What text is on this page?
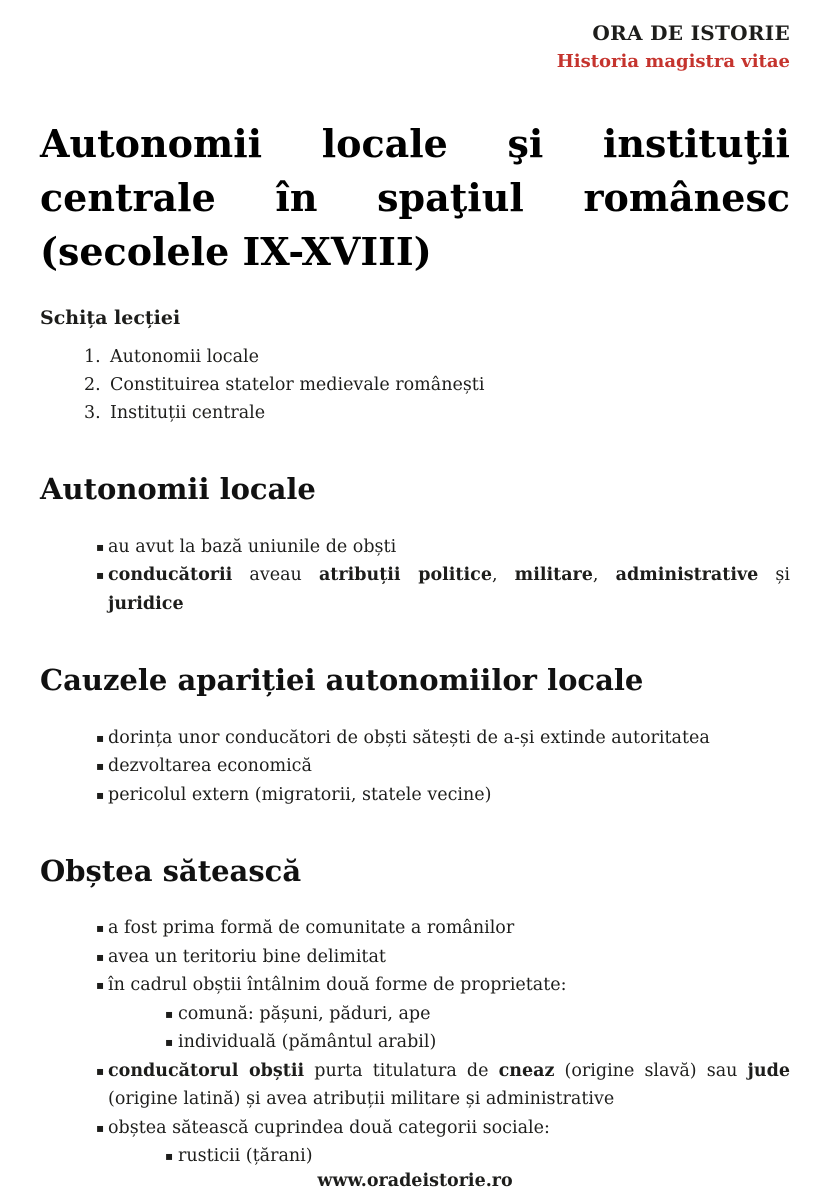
ORA DE ISTORIE
Historia magistra vitae
Autonomii locale şi instituţii
centrale în spaţiul românesc
(secolele IX-XVIII)
Schița lecției
Autonomii locale
Constituirea statelor medievale românești
Instituții centrale
Autonomii locale
▪ au avut la bază uniunile de obști
▪ conducătorii aveau atribuții politice, militare, administrative și juridice
Cauzele apariției autonomiilor locale
▪ dorința unor conducători de obști sătești de a-și extinde autoritatea
▪ dezvoltarea economică
▪ pericolul extern (migratorii, statele vecine)
Obștea sătească
▪ a fost prima formă de comunitate a românilor
▪ avea un teritoriu bine delimitat
▪ în cadrul obștii întâlnim două forme de proprietate:
▪ comună: pășuni, păduri, ape
▪ individuală (pământul arabil)
▪ conducătorul obștii purta titulatura de cneaz (origine slavă) sau jude (origine latină) și avea atribuții militare și administrative
▪ obștea sătească cuprindea două categorii sociale:
▪ rusticii (țărani)
www.oradeistorie.ro
